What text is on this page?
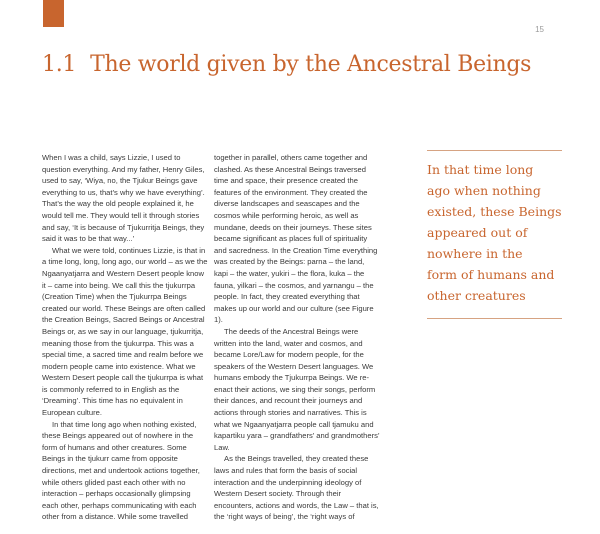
15
1.1 The world given by the Ancestral Beings

When I was a child, says Lizzie, I used to question everything. And my father, Henry Giles, used to say, ‘Wiya, no, the Tjukur Beings gave everything to us, that’s why we have everything’. That’s the way the old people explained it, he would tell me. They would tell it through stories and say, ‘It is because of Tjukurritja Beings, they said it was to be that way...’

What we were told, continues Lizzie, is that in a time long, long, long ago, our world – as we the Ngaanyatjarra and Western Desert people know it – came into being. We call this the tjukurrpa (Creation Time) when the Tjukurrpa Beings created our world. These Beings are often called the Creation Beings, Sacred Beings or Ancestral Beings or, as we say in our language, tjukurritja, meaning those from the tjukurrpa. This was a special time, a sacred time and realm before we modern people came into existence. What we Western Desert people call the tjukurrpa is what is commonly referred to in English as the ‘Dreaming’. This time has no equivalent in European culture.

In that time long ago when nothing existed, these Beings appeared out of nowhere in the form of humans and other creatures. Some Beings in the tjukurr came from opposite directions, met and undertook actions together, while others glided past each other with no interaction – perhaps occasionally glimpsing each other, perhaps communicating with each other from a distance. While some travelled

together in parallel, others came together and clashed. As these Ancestral Beings traversed time and space, their presence created the features of the environment. They created the diverse landscapes and seascapes and the cosmos while performing heroic, as well as mundane, deeds on their journeys. These sites became significant as places full of spirituality and sacredness. In the Creation Time everything was created by the Beings: parna – the land, kapi – the water, yukiri – the flora, kuka – the fauna, yilkari – the cosmos, and yarnangu – the people. In fact, they created everything that makes up our world and our culture (see Figure 1).

The deeds of the Ancestral Beings were written into the land, water and cosmos, and became Lore/Law for modern people, for the speakers of the Western Desert languages. We humans embody the Tjukurrpa Beings. We re-enact their actions, we sing their songs, perform their dances, and recount their journeys and actions through stories and narratives. This is what we Ngaanyatjarra people call tjamuku and kapartiku yara – grandfathers’ and grandmothers’ Law.

As the Beings travelled, they created these laws and rules that form the basis of social interaction and the underpinning ideology of Western Desert society. Through their encounters, actions and words, the Law – that is, the ‘right ways of being’, the ‘right ways of

In that time long
ago when nothing
existed, these Beings
appeared out of
nowhere in the
form of humans and
other creatures
